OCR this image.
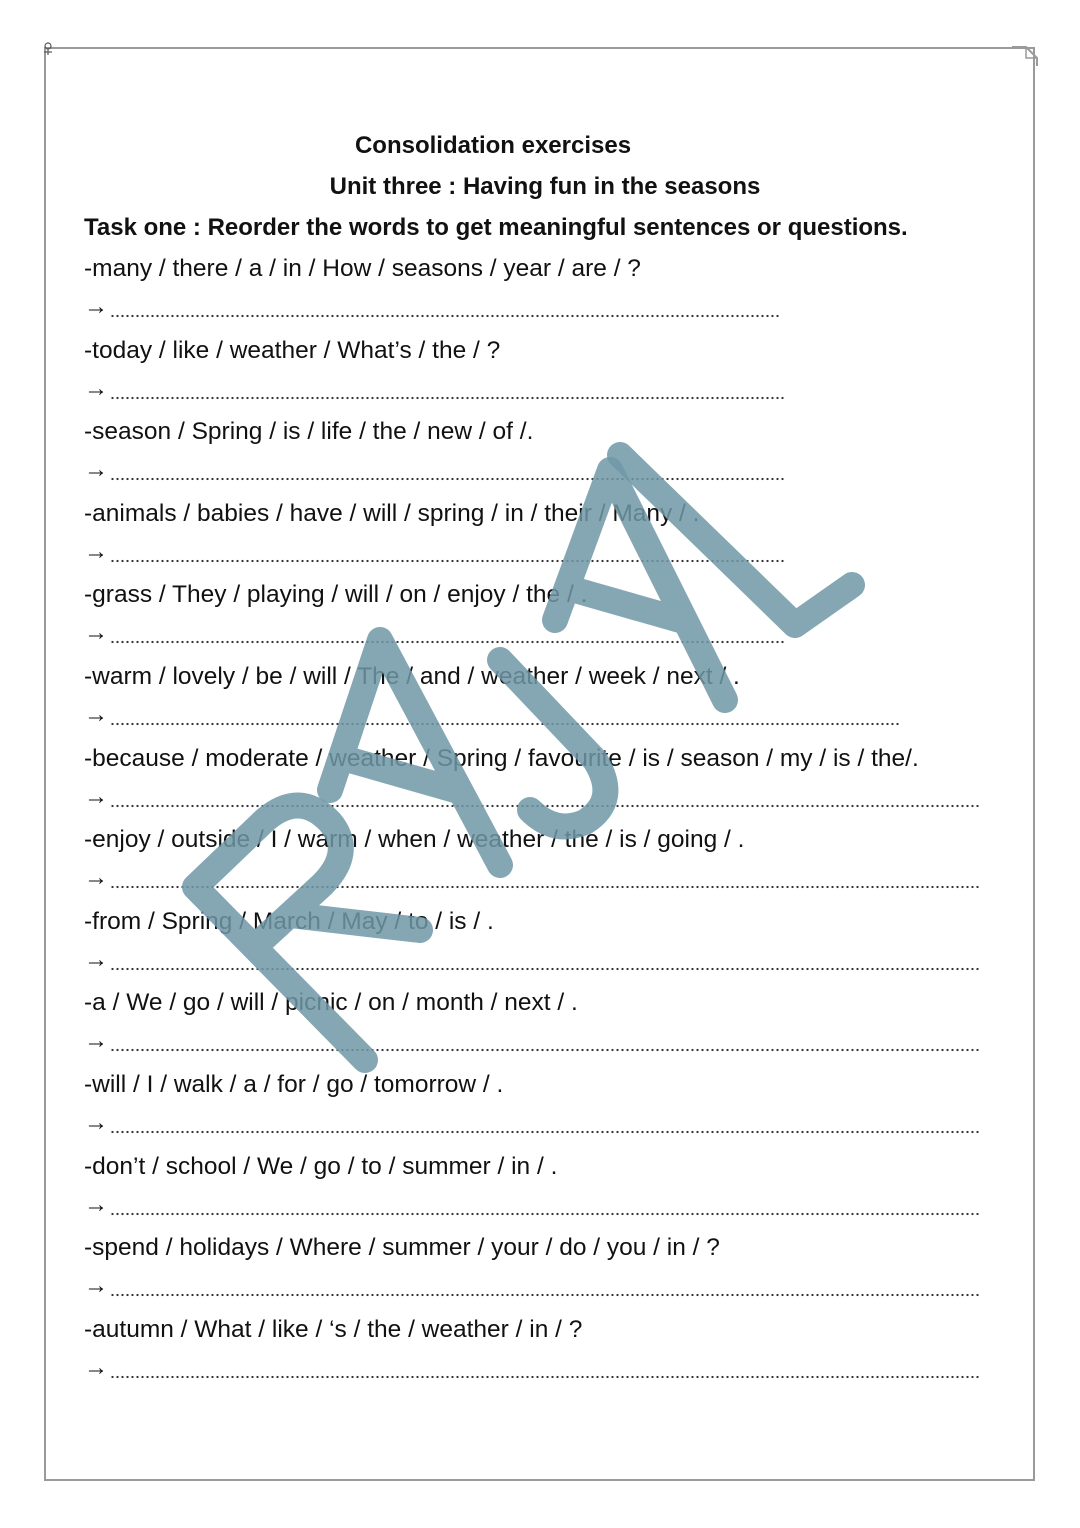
Consolidation exercises
Unit three : Having fun in the seasons
Task one : Reorder the words to get meaningful sentences or questions.
-many / there / a / in / How / seasons / year / are / ?
→
-today / like / weather / What’s / the / ?
→
-season / Spring / is / life / the / new / of /.
→
-animals / babies / have / will / spring / in / their / Many / .
→
-grass / They / playing / will / on / enjoy / the / .
→
-warm / lovely / be / will / The / and / weather / week / next / .
→
-because / moderate / weather / Spring / favourite / is / season / my / is / the/.
→
-enjoy / outside / I / warm / when / weather / the / is / going / .
→
-from / Spring / March / May / to / is / .
→
-a / We / go / will / picnic / on / month / next / .
→
-will / I / walk / a / for / go / tomorrow / .
→
-don’t / school / We / go / to / summer / in / .
→
-spend / holidays / Where / summer / your / do / you / in / ?
→
-autumn / What / like / ‘s / the / weather / in / ?
→
